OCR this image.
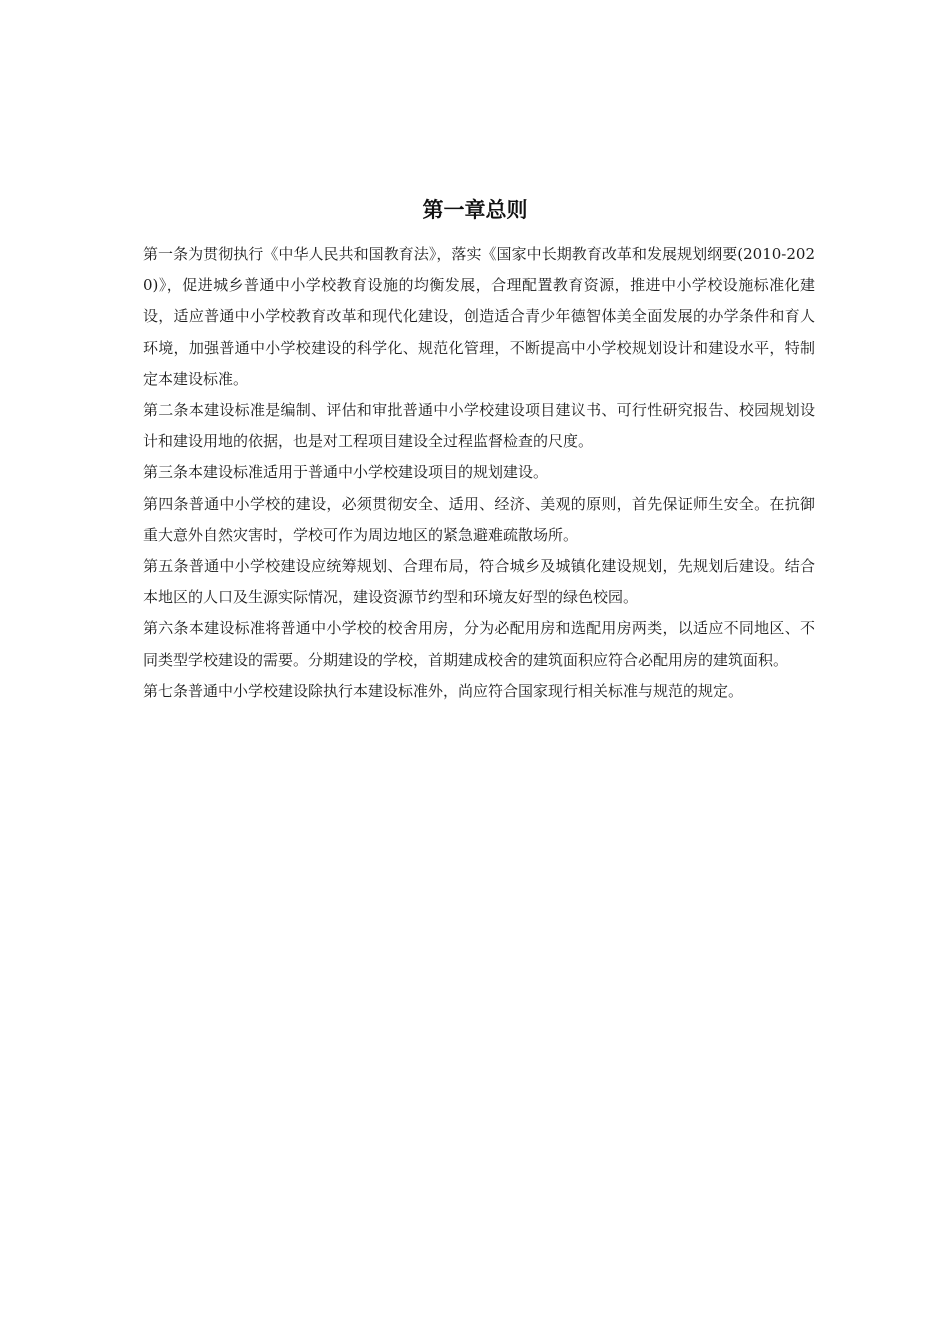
第一章总则

第一条为贯彻执行《中华人民共和国教育法》，落实《国家中长期教育改革和发展规划纲要(2010-2020)》，促进城乡普通中小学校教育设施的均衡发展，合理配置教育资源，推进中小学校设施标准化建设，适应普通中小学校教育改革和现代化建设，创造适合青少年德智体美全面发展的办学条件和育人环境，加强普通中小学校建设的科学化、规范化管理，不断提高中小学校规划设计和建设水平，特制定本建设标准。

第二条本建设标准是编制、评估和审批普通中小学校建设项目建议书、可行性研究报告、校园规划设计和建设用地的依据，也是对工程项目建设全过程监督检查的尺度。

第三条本建设标准适用于普通中小学校建设项目的规划建设。

第四条普通中小学校的建设，必须贯彻安全、适用、经济、美观的原则，首先保证师生安全。在抗御重大意外自然灾害时，学校可作为周边地区的紧急避难疏散场所。

第五条普通中小学校建设应统筹规划、合理布局，符合城乡及城镇化建设规划，先规划后建设。结合本地区的人口及生源实际情况，建设资源节约型和环境友好型的绿色校园。

第六条本建设标准将普通中小学校的校舍用房，分为必配用房和选配用房两类，以适应不同地区、不同类型学校建设的需要。分期建设的学校，首期建成校舍的建筑面积应符合必配用房的建筑面积。

第七条普通中小学校建设除执行本建设标准外，尚应符合国家现行相关标准与规范的规定。
